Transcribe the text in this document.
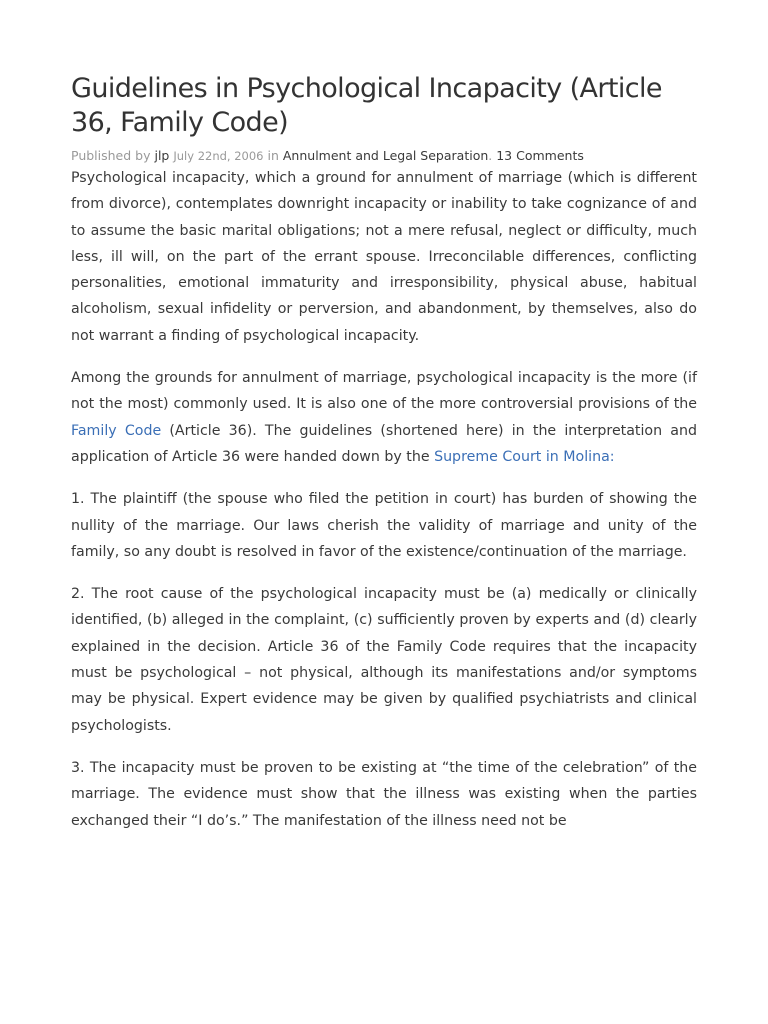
Guidelines in Psychological Incapacity (Article 36, Family Code)
Published by jlp July 22nd, 2006 in Annulment and Legal Separation. 13 Comments

Psychological incapacity, which a ground for annulment of marriage (which is different from divorce), contemplates downright incapacity or inability to take cognizance of and to assume the basic marital obligations; not a mere refusal, neglect or difficulty, much less, ill will, on the part of the errant spouse. Irreconcilable differences, conflicting personalities, emotional immaturity and irresponsibility, physical abuse, habitual alcoholism, sexual infidelity or perversion, and abandonment, by themselves, also do not warrant a finding of psychological incapacity.

Among the grounds for annulment of marriage, psychological incapacity is the more (if not the most) commonly used. It is also one of the more controversial provisions of the Family Code (Article 36). The guidelines (shortened here) in the interpretation and application of Article 36 were handed down by the Supreme Court in Molina:

1. The plaintiff (the spouse who filed the petition in court) has burden of showing the nullity of the marriage. Our laws cherish the validity of marriage and unity of the family, so any doubt is resolved in favor of the existence/continuation of the marriage.

2. The root cause of the psychological incapacity must be (a) medically or clinically identified, (b) alleged in the complaint, (c) sufficiently proven by experts and (d) clearly explained in the decision. Article 36 of the Family Code requires that the incapacity must be psychological – not physical, although its manifestations and/or symptoms may be physical. Expert evidence may be given by qualified psychiatrists and clinical psychologists.

3. The incapacity must be proven to be existing at “the time of the celebration” of the marriage. The evidence must show that the illness was existing when the parties exchanged their “I do’s.” The manifestation of the illness need not be
